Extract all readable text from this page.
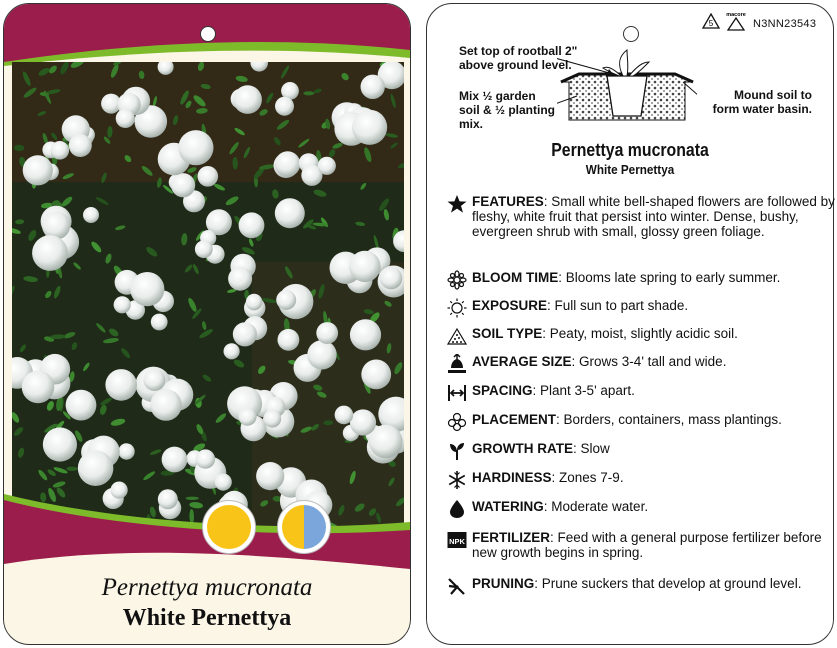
Pernettya mucronata
White Pernettya
5
macore
N3NN23543
Set top of rootball 2" above ground level.
Mix ½ garden soil & ½ planting mix.
Mound soil to form water basin.
Pernettya mucronata
White Pernettya
FEATURES: Small white bell-shaped flowers are followed by fleshy, white fruit that persist into winter. Dense, bushy, evergreen shrub with small, glossy green foliage.
BLOOM TIME: Blooms late spring to early summer.
EXPOSURE: Full sun to part shade.
SOIL TYPE: Peaty, moist, slightly acidic soil.
AVERAGE SIZE: Grows 3-4' tall and wide.
SPACING: Plant 3-5' apart.
PLACEMENT: Borders, containers, mass plantings.
GROWTH RATE: Slow
HARDINESS: Zones 7-9.
WATERING: Moderate water.
NPK FERTILIZER: Feed with a general purpose fertilizer before new growth begins in spring.
PRUNING: Prune suckers that develop at ground level.
